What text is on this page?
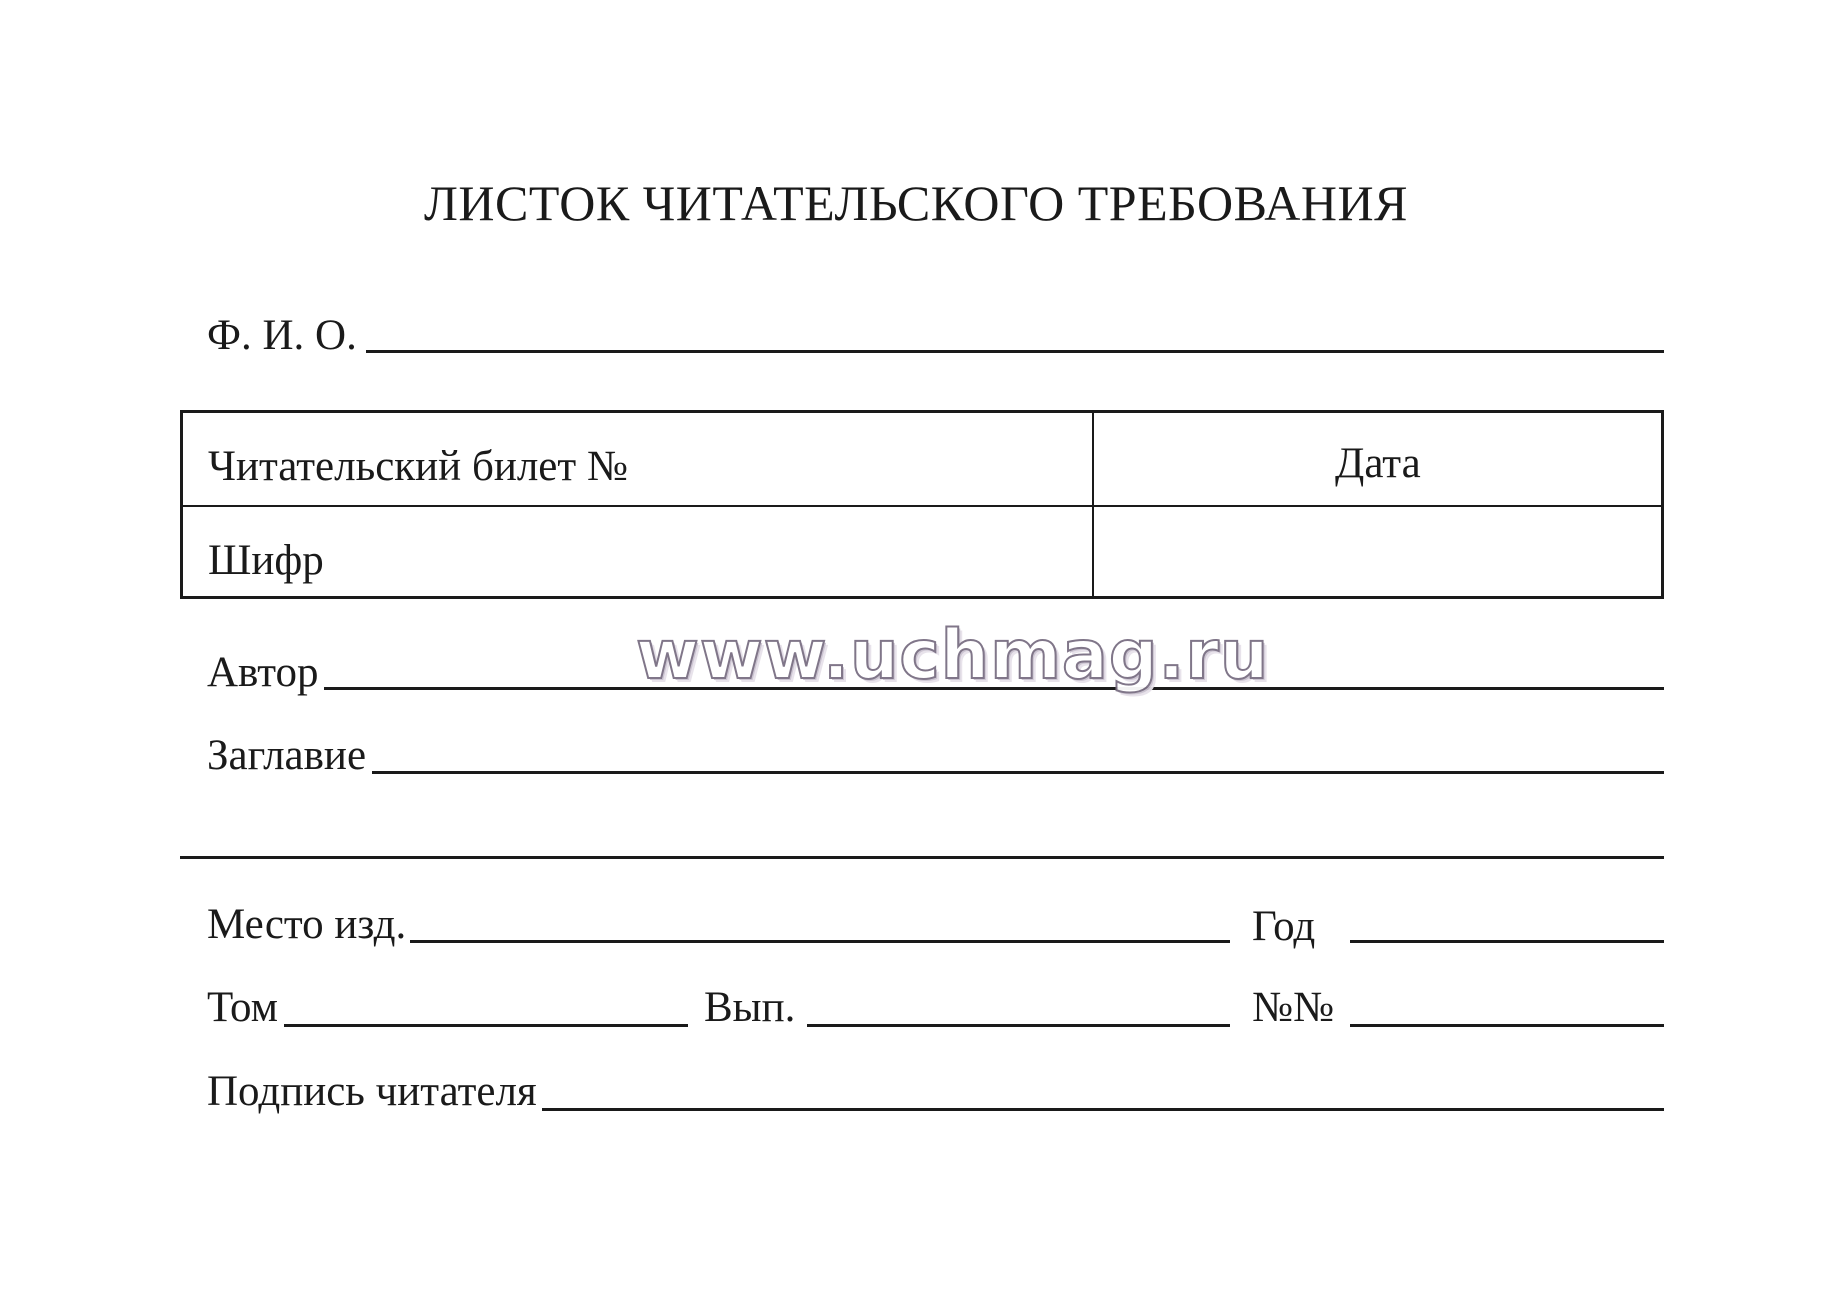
ЛИСТОК ЧИТАТЕЛЬСКОГО ТРЕБОВАНИЯ
Ф. И. О.
Читательский билет №	Дата
Шифр
Автор	www.uchmag.ru
Заглавие
Место изд.	Год
Том	Вып.	№№
Подпись читателя
